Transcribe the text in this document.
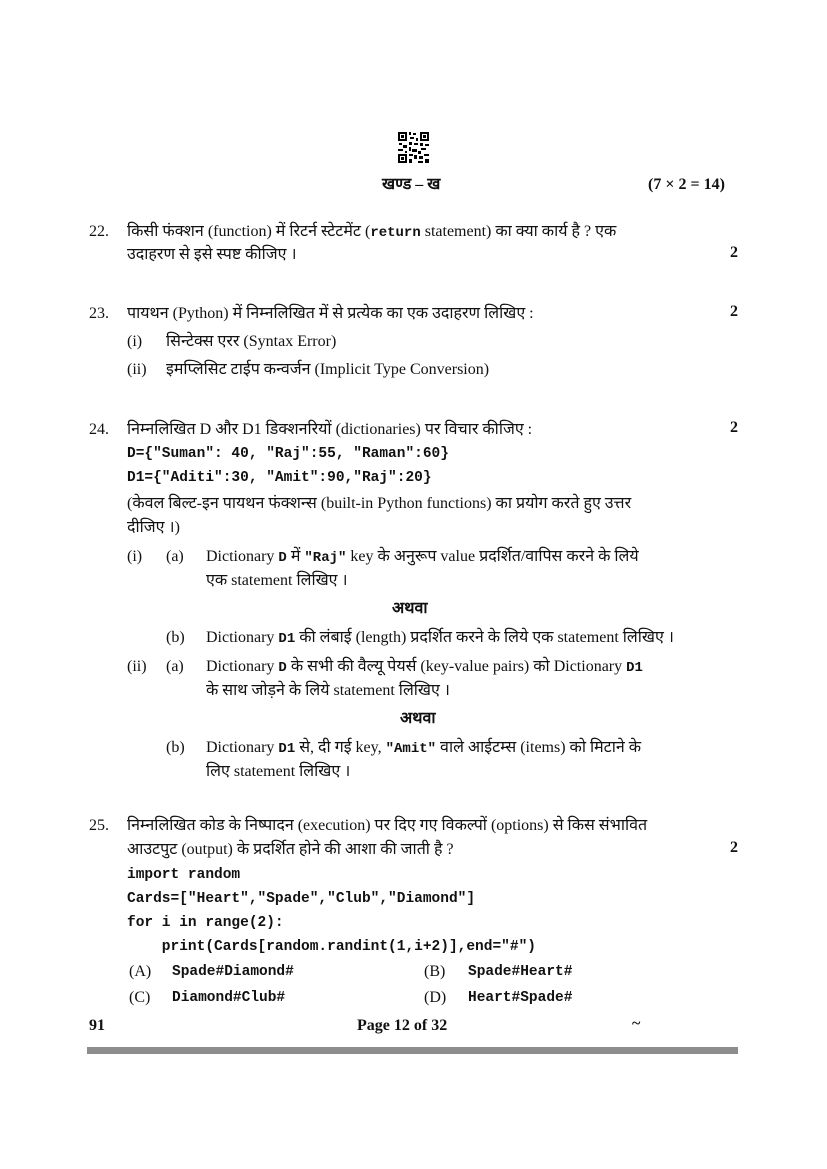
खण्ड – ख	(7 × 2 = 14)
22. किसी फंक्शन (function) में रिटर्न स्टेटमेंट (return statement) का क्या कार्य है ? एक
उदाहरण से इसे स्पष्ट कीजिए ।	2
23. पायथन (Python) में निम्नलिखित में से प्रत्येक का एक उदाहरण लिखिए :	2
(i) सिन्टेक्स एरर (Syntax Error)
(ii) इमप्लिसिट टाईप कन्वर्जन (Implicit Type Conversion)
24. निम्नलिखित D और D1 डिक्शनरियों (dictionaries) पर विचार कीजिए :	2
D={"Suman": 40, "Raj":55, "Raman":60}
D1={"Aditi":30, "Amit":90,"Raj":20}
(केवल बिल्ट-इन पायथन फंक्शन्स (built-in Python functions) का प्रयोग करते हुए उत्तर
दीजिए ।)
(i) (a) Dictionary D में "Raj" key के अनुरूप value प्रदर्शित/वापिस करने के लिये
एक statement लिखिए ।
अथवा
(b) Dictionary D1 की लंबाई (length) प्रदर्शित करने के लिये एक statement लिखिए ।
(ii) (a) Dictionary D के सभी की वैल्यू पेयर्स (key-value pairs) को Dictionary D1
के साथ जोड़ने के लिये statement लिखिए ।
अथवा
(b) Dictionary D1 से, दी गई key, "Amit" वाले आईटम्स (items) को मिटाने के
लिए statement लिखिए ।
25. निम्नलिखित कोड के निष्पादन (execution) पर दिए गए विकल्पों (options) से किस संभावित
आउटपुट (output) के प्रदर्शित होने की आशा की जाती है ?	2
import random
Cards=["Heart","Spade","Club","Diamond"]
for i in range(2):
print(Cards[random.randint(1,i+2)],end="#")
(A) Spade#Diamond#	(B) Spade#Heart#
(C) Diamond#Club#	(D) Heart#Spade#
91	Page 12 of 32	~
